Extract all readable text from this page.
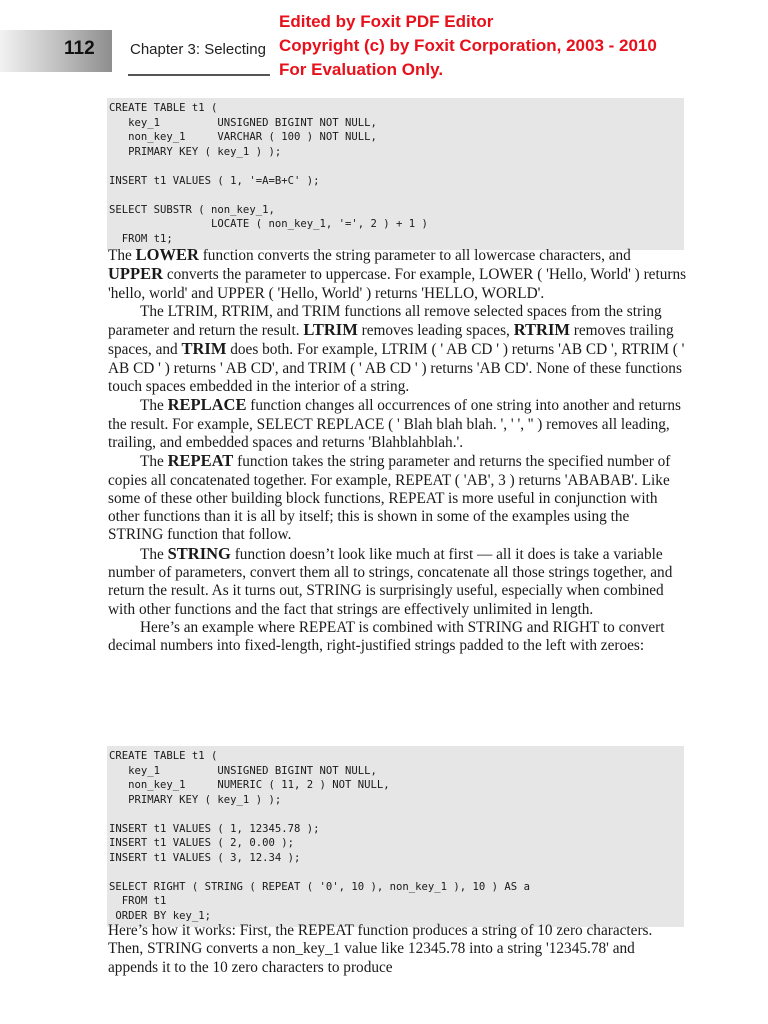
112 Chapter 3: Selecting
Edited by Foxit PDF Editor
Copyright (c) by Foxit Corporation, 2003 - 2010
For Evaluation Only.
CREATE TABLE t1 (
key_1         UNSIGNED BIGINT NOT NULL,
non_key_1     VARCHAR ( 100 ) NOT NULL,
PRIMARY KEY ( key_1 ) );
INSERT t1 VALUES ( 1, '=A=B+C' );
SELECT SUBSTR ( non_key_1,
LOCATE ( non_key_1, '=', 2 ) + 1 )
FROM t1;

The LOWER function converts the string parameter to all lowercase characters, and UPPER converts the parameter to uppercase. For example, LOWER ( 'Hello, World' ) returns 'hello, world' and UPPER ( 'Hello, World' ) returns 'HELLO, WORLD'.

The LTRIM, RTRIM, and TRIM functions all remove selected spaces from the string parameter and return the result. LTRIM removes leading spaces, RTRIM removes trailing spaces, and TRIM does both. For example, LTRIM ( ' AB CD ' ) returns 'AB CD ', RTRIM ( ' AB CD ' ) returns ' AB CD', and TRIM ( ' AB CD ' ) returns 'AB CD'. None of these functions touch spaces embedded in the interior of a string.

The REPLACE function changes all occurrences of one string into another and returns the result. For example, SELECT REPLACE ( ' Blah blah blah. ', ' ', '' ) removes all leading, trailing, and embedded spaces and returns 'Blahblahblah.'.

The REPEAT function takes the string parameter and returns the specified number of copies all concatenated together. For example, REPEAT ( 'AB', 3 ) returns 'ABABAB'. Like some of these other building block functions, REPEAT is more useful in conjunction with other functions than it is all by itself; this is shown in some of the examples using the STRING function that follow.

The STRING function doesn’t look like much at first — all it does is take a variable number of parameters, convert them all to strings, concatenate all those strings together, and return the result. As it turns out, STRING is surprisingly useful, especially when combined with other functions and the fact that strings are effectively unlimited in length.

Here’s an example where REPEAT is combined with STRING and RIGHT to convert decimal numbers into fixed-length, right-justified strings padded to the left with zeroes:

CREATE TABLE t1 (
key_1         UNSIGNED BIGINT NOT NULL,
non_key_1     NUMERIC ( 11, 2 ) NOT NULL,
PRIMARY KEY ( key_1 ) );
INSERT t1 VALUES ( 1, 12345.78 );
INSERT t1 VALUES ( 2, 0.00 );
INSERT t1 VALUES ( 3, 12.34 );
SELECT RIGHT ( STRING ( REPEAT ( '0', 10 ), non_key_1 ), 10 ) AS a
FROM t1
ORDER BY key_1;

Here’s how it works: First, the REPEAT function produces a string of 10 zero characters. Then, STRING converts a non_key_1 value like 12345.78 into a string '12345.78' and appends it to the 10 zero characters to produce
